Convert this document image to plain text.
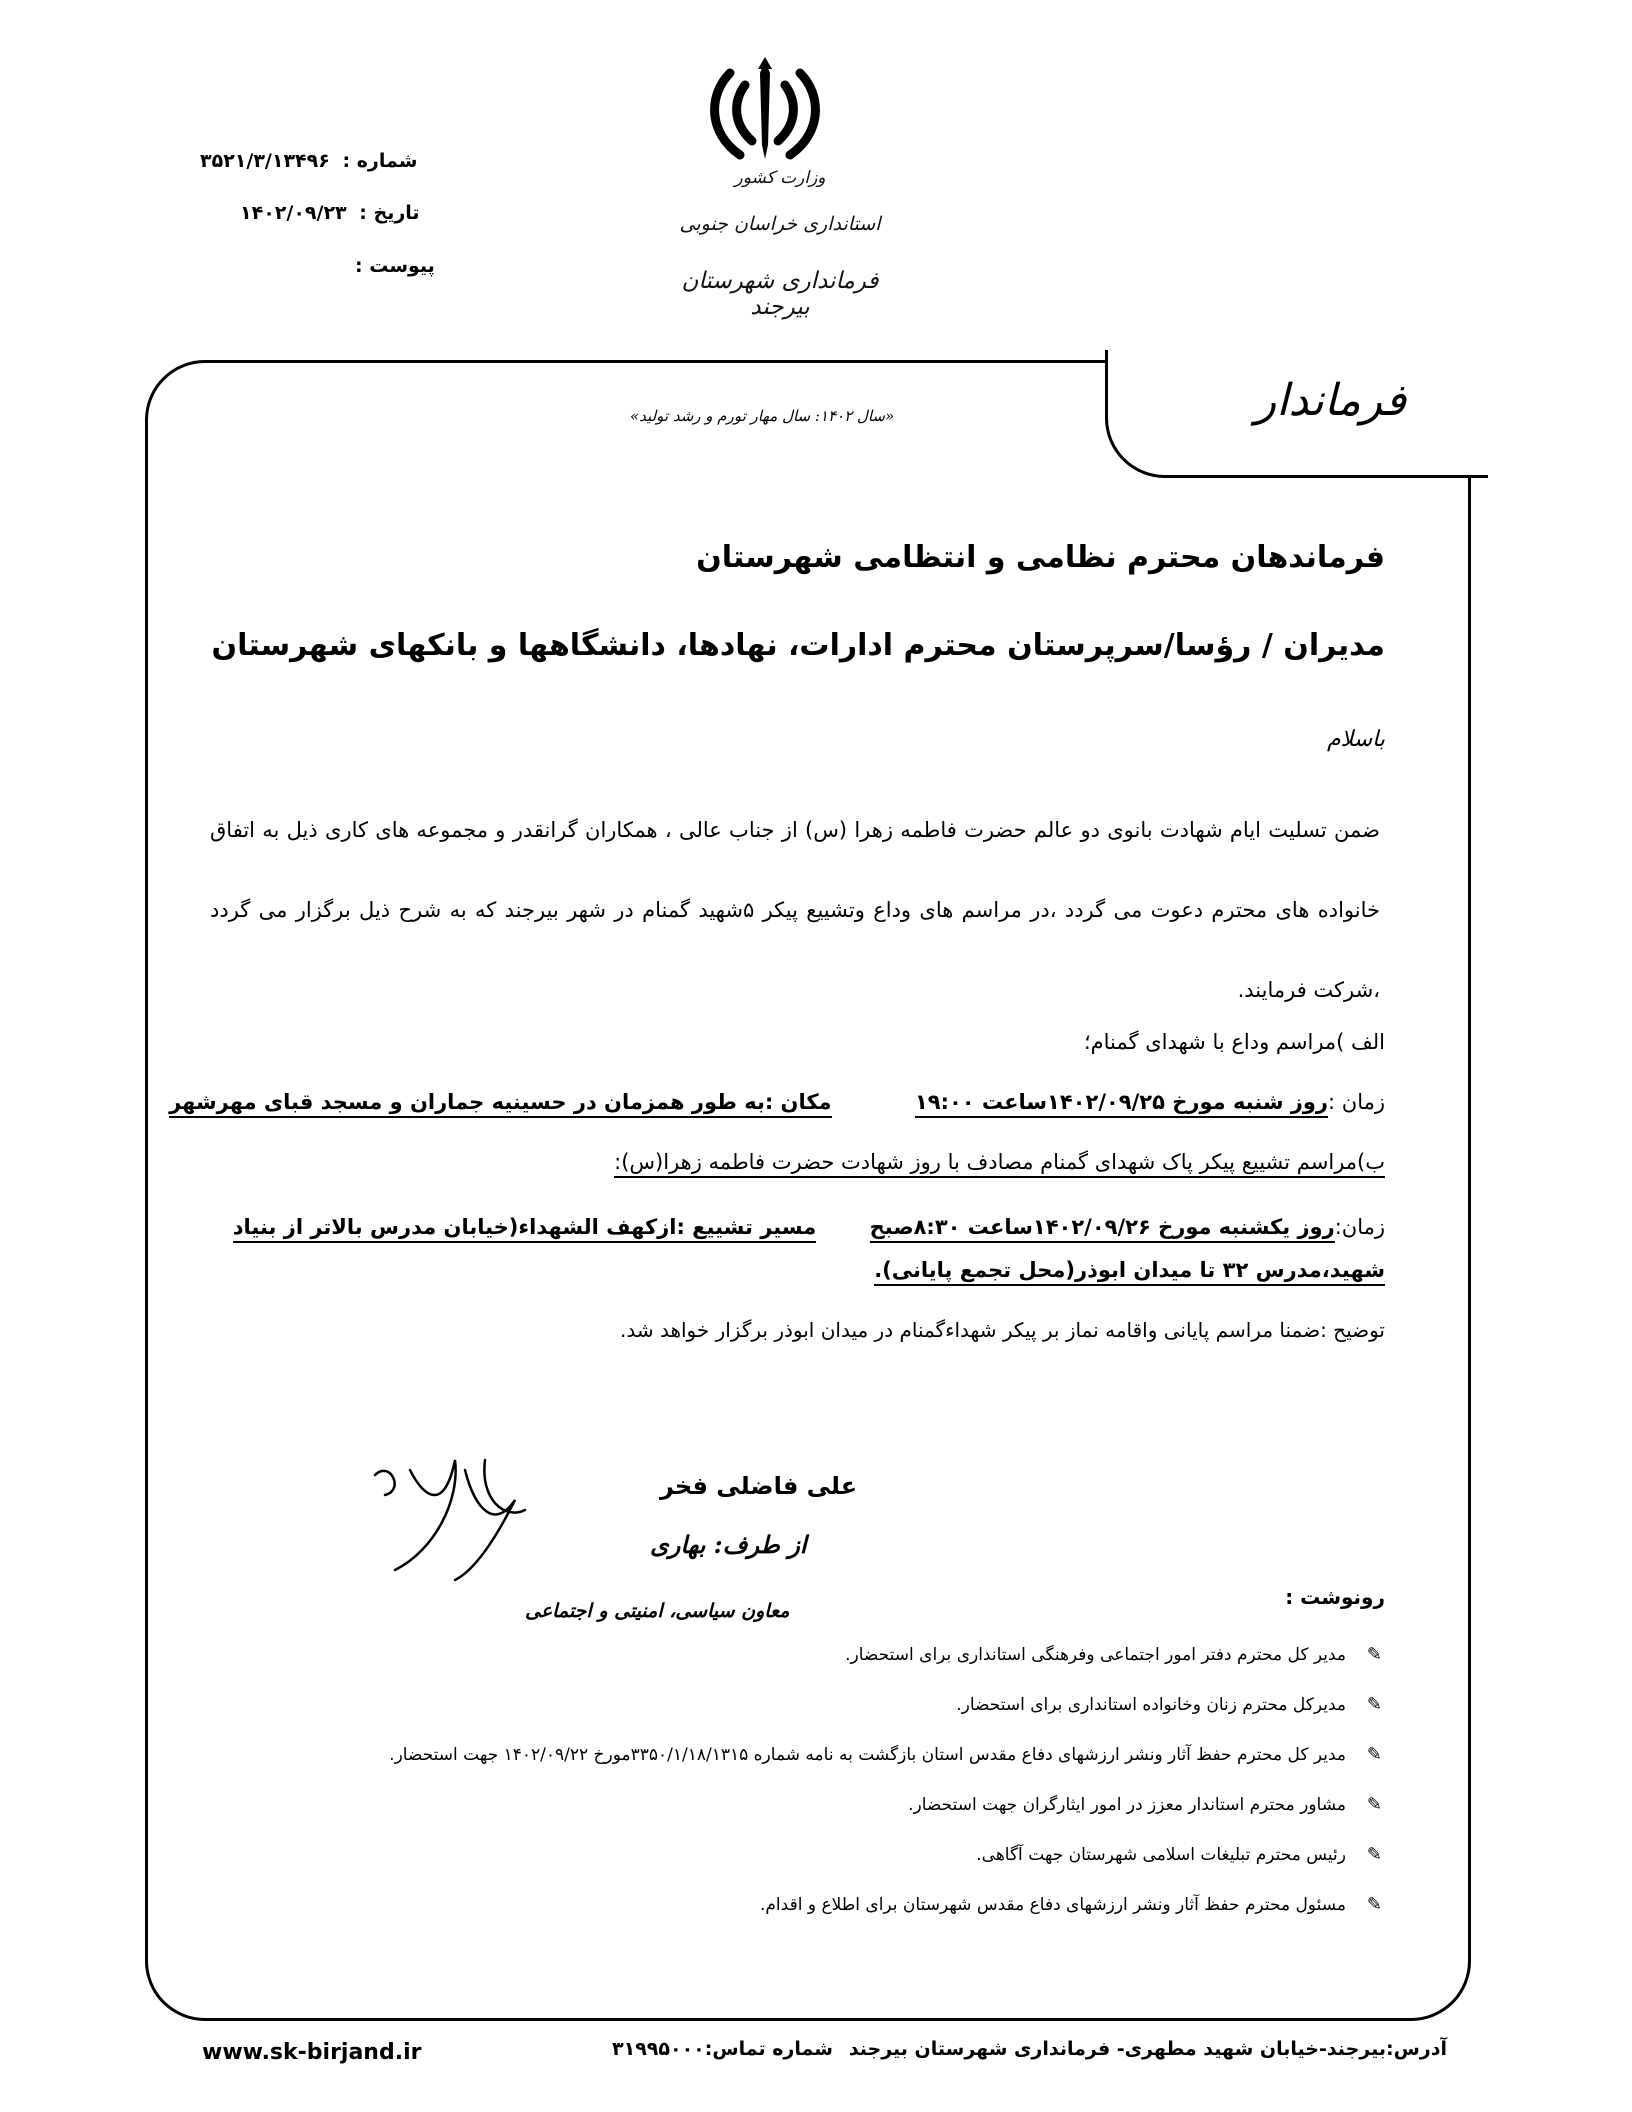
شماره : ۳۵۲۱/۳/۱۳۴۹۶
تاریخ : ۱۴۰۲/۰۹/۲۳
پیوست :
وزارت کشور
استانداری خراسان جنوبی
فرمانداری شهرستان بیرجند
فرماندار
«سال ۱۴۰۲: سال مهار تورم و رشد تولید»
فرماندهان محترم نظامی و انتظامی شهرستان
مدیران / رؤسا/سرپرستان محترم ادارات، نهادها، دانشگاهها و بانکهای شهرستان
باسلام
ضمن تسلیت ایام شهادت بانوی دو عالم حضرت فاطمه زهرا (س) از جناب عالی ، همکاران گرانقدر و مجموعه های کاری ذیل به اتفاق خانواده های محترم دعوت می گردد ،در مراسم های وداع وتشییع پیکر ۵شهید گمنام در شهر بیرجند که به شرح ذیل برگزار می گردد ،شرکت فرمایند.
الف )مراسم وداع با شهدای گمنام؛
زمان :روز شنبه مورخ ۱۴۰۲/۰۹/۲۵ساعت ۱۹:۰۰  مکان :به طور همزمان در حسینیه جماران و مسجد قبای مهرشهر
ب)مراسم تشییع پیکر پاک شهدای گمنام مصادف با روز شهادت حضرت فاطمه زهرا(س):
زمان:روز یکشنبه مورخ ۱۴۰۲/۰۹/۲۶ساعت ۸:۳۰صبح  مسیر تشییع :ازکهف الشهداء(خیابان مدرس بالاتر از بنیاد
شهید،مدرس ۳۲ تا میدان ابوذر(محل تجمع پایانی).
توضیح :ضمنا مراسم پایانی واقامه نماز بر پیکر شهداءگمنام در میدان ابوذر برگزار خواهد شد.
علی فاضلی فخر
از طرف: بهاری
معاون سیاسی، امنیتی و اجتماعی
رونوشت :
✎
مدیر کل محترم دفتر امور اجتماعی وفرهنگی استانداری برای استحضار.
✎
مدیرکل محترم زنان وخانواده استانداری برای استحضار.
✎
مدیر کل محترم حفظ آثار ونشر ارزشهای دفاع مقدس استان بازگشت به نامه شماره ۳۳۵۰/۱/۱۸/۱۳۱۵مورخ ۱۴۰۲/۰۹/۲۲ جهت استحضار.
✎
مشاور محترم استاندار معزز در امور ایثارگران جهت استحضار.
✎
رئیس محترم تبلیغات اسلامی شهرستان جهت آگاهی.
✎
مسئول محترم حفظ آثار ونشر ارزشهای دفاع مقدس شهرستان برای اطلاع و اقدام.
آدرس:بیرجند-خیابان شهید مطهری- فرمانداری شهرستان بیرجند
شماره تماس:۳۱۹۹۵۰۰۰
www.sk-birjand.ir
